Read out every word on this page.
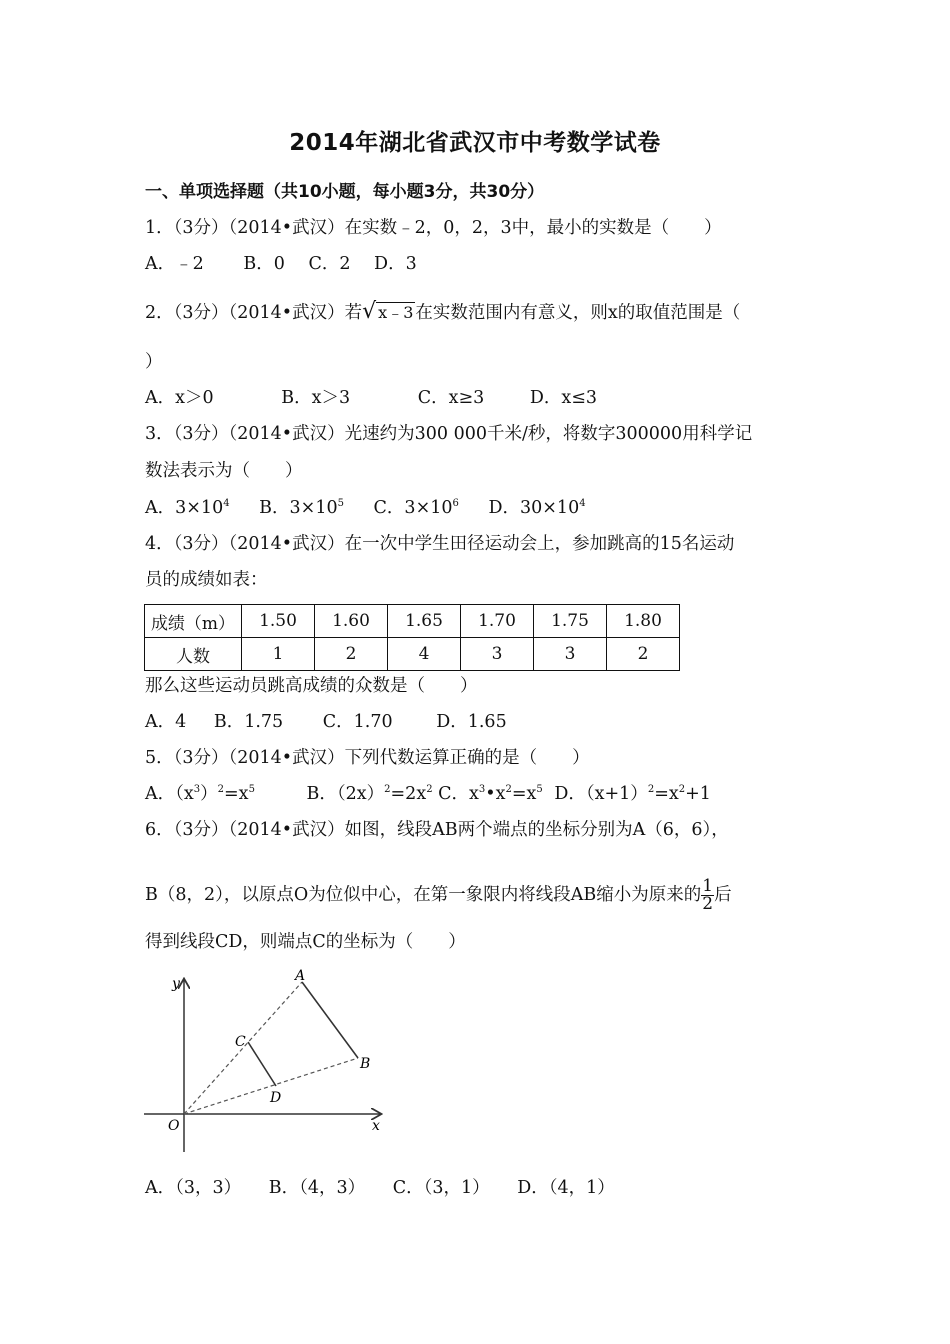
2014年湖北省武汉市中考数学试卷
一、单项选择题（共10小题，每小题3分，共30分）
1．（3分）（2014•武汉）在实数﹣2，0，2，3中，最小的实数是（　　）
A．﹣2 B．0 C．2 D．3
2．（3分）（2014•武汉）若√ x﹣3 在实数范围内有意义，则x的取值范围是（
）
A．x＞0	B．x＞3	C．x≥3	D．x≤3
3．（3分）（2014•武汉）光速约为300 000千米/秒，将数字300000用科学记
数法表示为（　　）
A．$3\times 10^4$ B．$3\times 10^5$ C．$3\times 10^6$ D．$30\times 10^4$
4．（3分）（2014•武汉）在一次中学生田径运动会上，参加跳高的15名运动
员的成绩如表：
成绩（m）	1.50	1.60	1.65	1.70	1.75	1.80
人数	1	2	4	3	3	2
那么这些运动员跳高成绩的众数是（　　）
A．4 B．1.75 C．1.70 D．1.65
5．（3分）（2014•武汉）下列代数运算正确的是（　　）
A．$(x^3)^2=x^5$	B．$(2x)^2=2x^2$ C．$x^3•x^2=x^5$ D．$(x+1)^2=x^2+1$
6．（3分）（2014•武汉）如图，线段AB两个端点的坐标分别为A（6，6），
B（8，2），以原点O为位似中心，在第一象限内将线段AB缩小为原来的 $\frac{1}{2}$ 后
得到线段CD，则端点C的坐标为（　　）
y
x
O
A
B
C
D
A．（3，3） B．（4，3） C．（3，1） D．（4，1）
